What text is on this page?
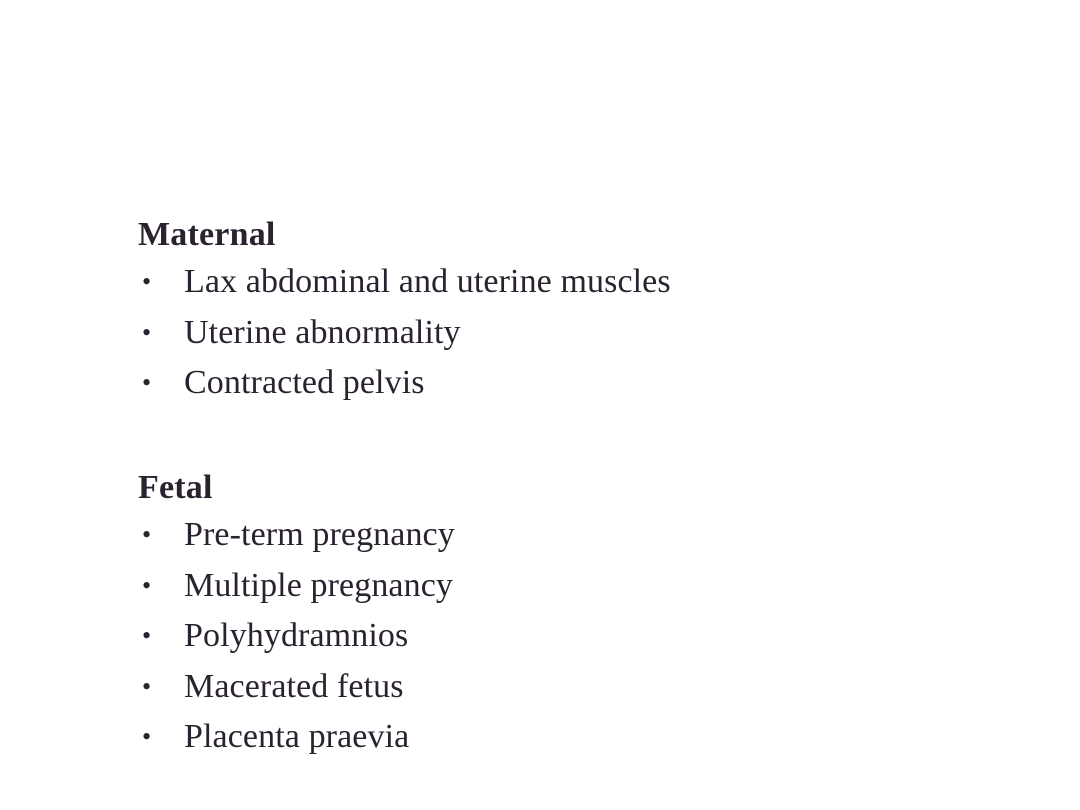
Maternal
• Lax abdominal and uterine muscles
• Uterine abnormality
• Contracted pelvis
Fetal
• Pre-term pregnancy
• Multiple pregnancy
• Polyhydramnios
• Macerated fetus
• Placenta praevia
